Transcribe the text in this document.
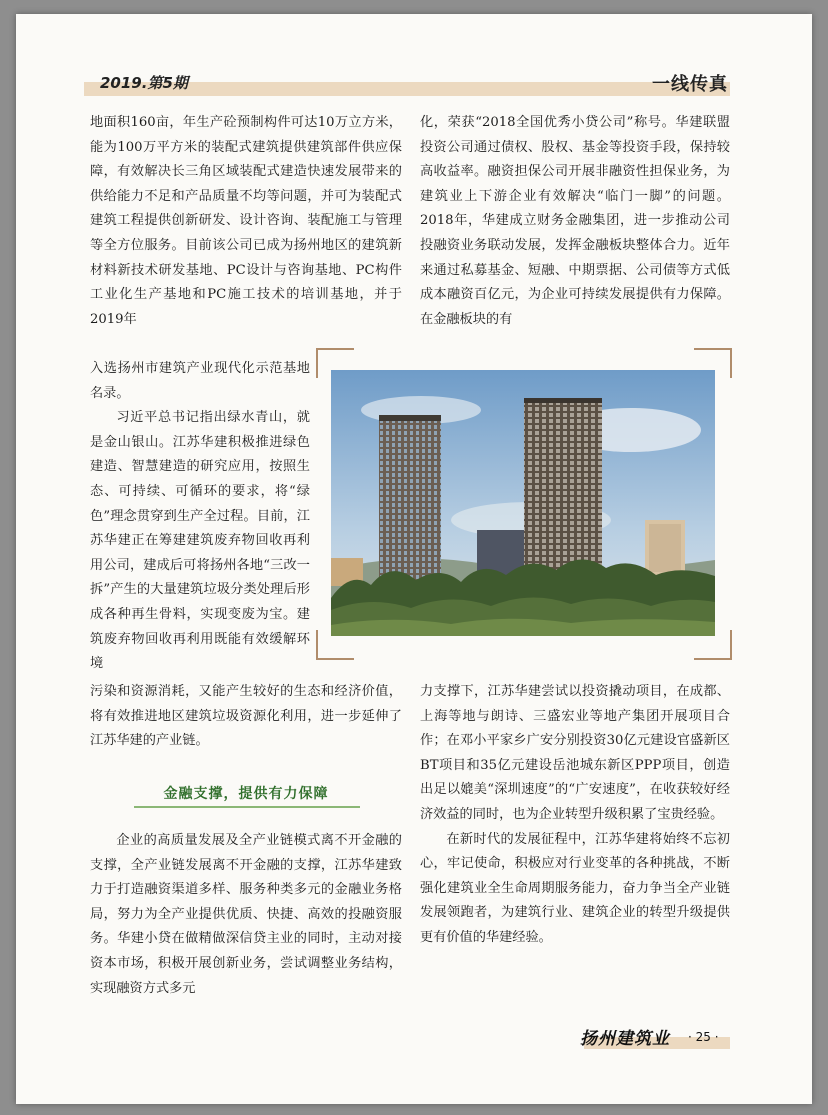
2019.第5期	一线传真

地面积160亩，年生产砼预制构件可达10万立方米，能为100万平方米的装配式建筑提供建筑部件供应保障，有效解决长三角区域装配式建造快速发展带来的供给能力不足和产品质量不均等问题，并可为装配式建筑工程提供创新研发、设计咨询、装配施工与管理等全方位服务。目前该公司已成为扬州地区的建筑新材料新技术研发基地、PC设计与咨询基地、PC构件工业化生产基地和PC施工技术的培训基地，并于2019年

入选扬州市建筑产业现代化示范基地名录。

习近平总书记指出绿水青山，就是金山银山。江苏华建积极推进绿色建造、智慧建造的研究应用，按照生态、可持续、可循环的要求，将“绿色”理念贯穿到生产全过程。目前，江苏华建正在筹建建筑废弃物回收再利用公司，建成后可将扬州各地“三改一拆”产生的大量建筑垃圾分类处理后形成各种再生骨料，实现变废为宝。建筑废弃物回收再利用既能有效缓解环境

污染和资源消耗，又能产生较好的生态和经济价值，将有效推进地区建筑垃圾资源化利用，进一步延伸了江苏华建的产业链。

金融支撑，提供有力保障

企业的高质量发展及全产业链模式离不开金融的支撑，全产业链发展离不开金融的支撑，江苏华建致力于打造融资渠道多样、服务种类多元的金融业务格局，努力为全产业提供优质、快捷、高效的投融资服务。华建小贷在做精做深信贷主业的同时，主动对接资本市场，积极开展创新业务，尝试调整业务结构，实现融资方式多元

化，荣获“2018全国优秀小贷公司”称号。华建联盟投资公司通过债权、股权、基金等投资手段，保持较高收益率。融资担保公司开展非融资性担保业务，为建筑业上下游企业有效解决“临门一脚”的问题。2018年，华建成立财务金融集团，进一步推动公司投融资业务联动发展，发挥金融板块整体合力。近年来通过私募基金、短融、中期票据、公司债等方式低成本融资百亿元，为企业可持续发展提供有力保障。在金融板块的有

力支撑下，江苏华建尝试以投资撬动项目，在成都、上海等地与朗诗、三盛宏业等地产集团开展项目合作；在邓小平家乡广安分别投资30亿元建设官盛新区BT项目和35亿元建设岳池城东新区PPP项目，创造出足以媲美“深圳速度”的“广安速度”，在收获较好经济效益的同时，也为企业转型升级积累了宝贵经验。

在新时代的发展征程中，江苏华建将始终不忘初心，牢记使命，积极应对行业变革的各种挑战，不断强化建筑业全生命周期服务能力，奋力争当全产业链发展领跑者，为建筑行业、建筑企业的转型升级提供更有价值的华建经验。

扬州建筑业 · 25 ·
